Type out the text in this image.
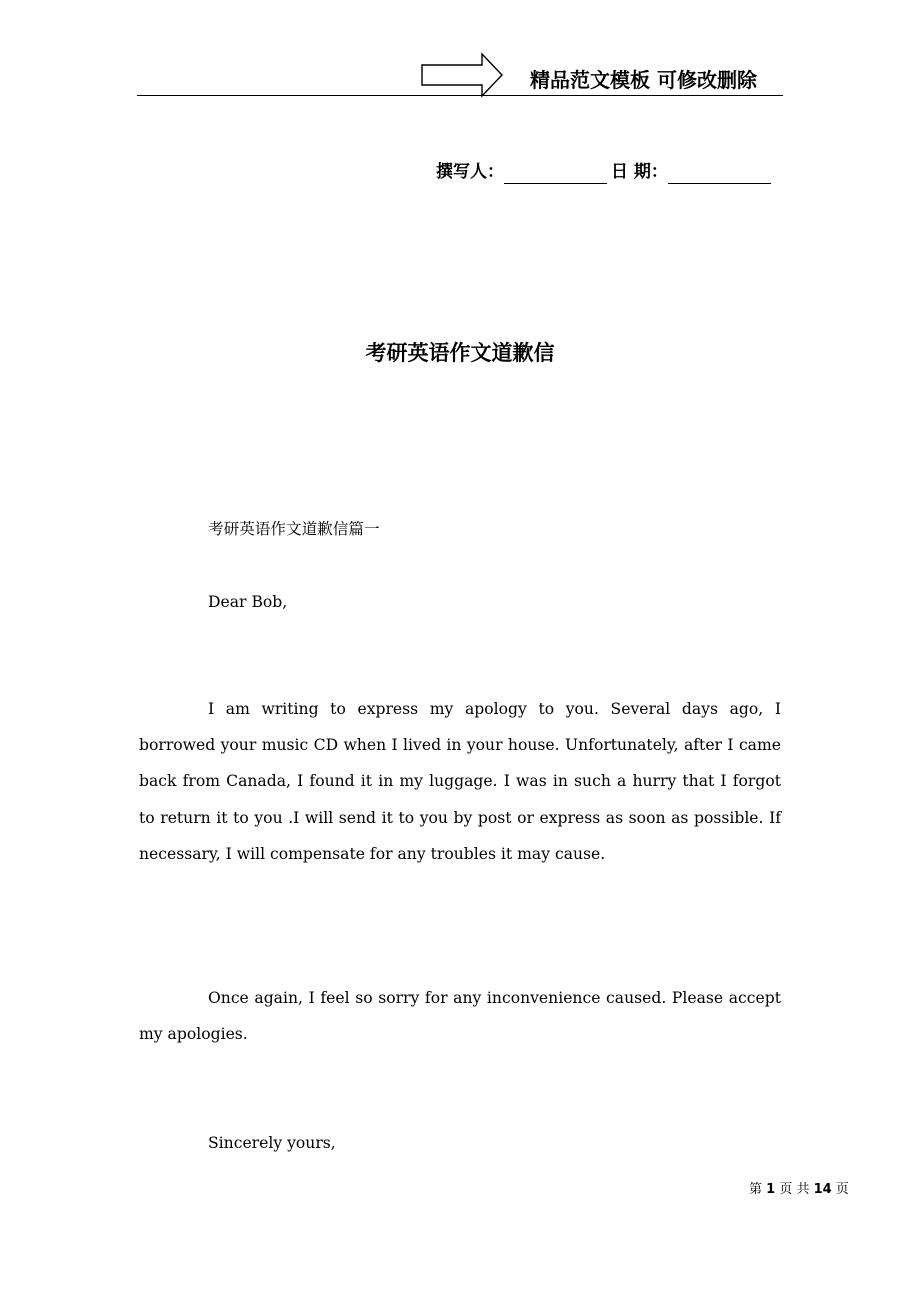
精品范文模板 可修改删除
撰写人：	日 期：
考研英语作文道歉信
考研英语作文道歉信篇一
Dear Bob,
I am writing to express my apology to you. Several days ago, I borrowed your music CD when I lived in your house. Unfortunately, after I came back from Canada, I found it in my luggage. I was in such a hurry that I forgot to return it to you .I will send it to you by post or express as soon as possible. If necessary, I will compensate for any troubles it may cause.
Once again, I feel so sorry for any inconvenience caused. Please accept my apologies.
Sincerely yours,
第 1 页 共 14 页
